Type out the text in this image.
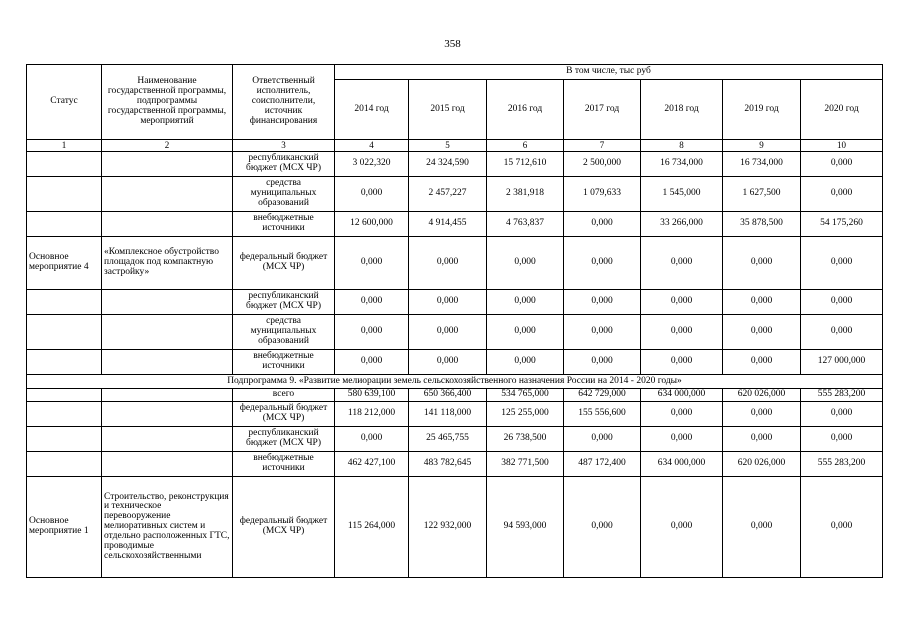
358
Статус	Наименование государственной программы, подпрограммы государственной программы, мероприятий	Ответственный исполнитель, соисполнители, источник финансирования	В том числе, тыс руб						
			2014 год	2015 год	2016 год	2017 год	2018 год	2019 год	2020 год
1	2	3	4	5	6	7	8	9	10
		республиканский бюджет (МСХ ЧР)	3 022,320	24 324,590	15 712,610	2 500,000	16 734,000	16 734,000	0,000
		средства муниципальных образований	0,000	2 457,227	2 381,918	1 079,633	1 545,000	1 627,500	0,000
		внебюджетные источники	12 600,000	4 914,455	4 763,837	0,000	33 266,000	35 878,500	54 175,260
Основное мероприятие 4	«Комплексное обустройство площадок под компактную застройку»	федеральный бюджет (МСХ ЧР)	0,000	0,000	0,000	0,000	0,000	0,000	0,000
		республиканский бюджет (МСХ ЧР)	0,000	0,000	0,000	0,000	0,000	0,000	0,000
		средства муниципальных образований	0,000	0,000	0,000	0,000	0,000	0,000	0,000
		внебюджетные источники	0,000	0,000	0,000	0,000	0,000	0,000	127 000,000
Подпрограмма 9. «Развитие мелиорации земель сельскохозяйственного назначения России на 2014 - 2020 годы»									
		всего	580 639,100	650 366,400	534 765,000	642 729,000	634 000,000	620 026,000	555 283,200
		федеральный бюджет (МСХ ЧР)	118 212,000	141 118,000	125 255,000	155 556,600	0,000	0,000	0,000
		республиканский бюджет (МСХ ЧР)	0,000	25 465,755	26 738,500	0,000	0,000	0,000	0,000
		внебюджетные источники	462 427,100	483 782,645	382 771,500	487 172,400	634 000,000	620 026,000	555 283,200
Основное мероприятие 1	Строительство, реконструкция и техническое перевооружение мелиоративных систем и отдельно расположенных ГТС, проводимые сельскохозяйственными	федеральный бюджет (МСХ ЧР)	115 264,000	122 932,000	94 593,000	0,000	0,000	0,000	0,000
